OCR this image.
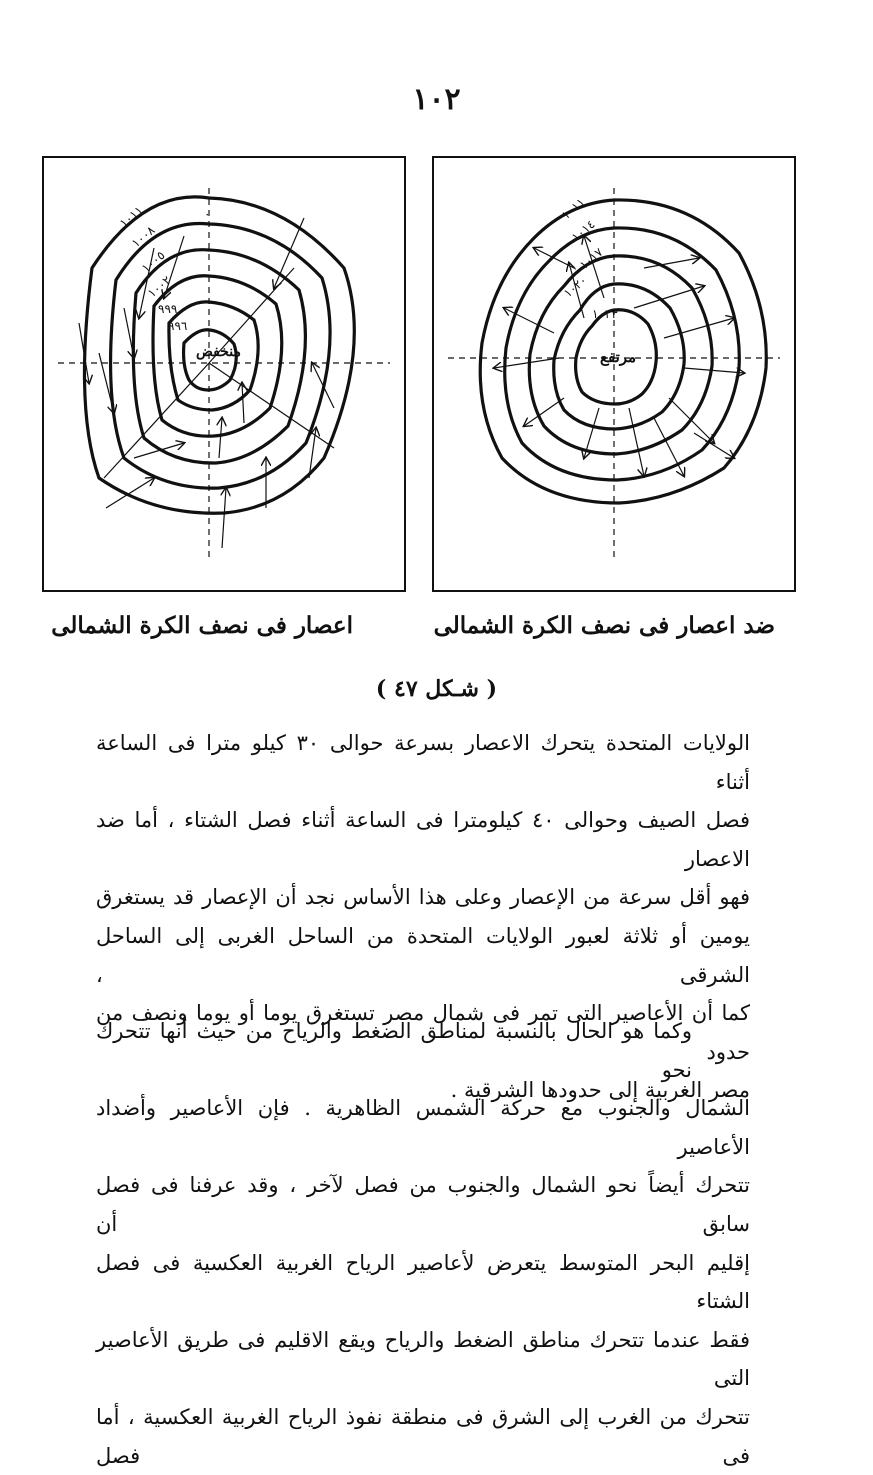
١٠٢
١٠١١
١٠٠٨
١٠٠٥
١٠٠٢
٩٩٩
٩٩٦
٠
منخفض
١٠١١
١٠١٤
١٠١٧
١٠٢٠
١٠٢٣
مرتفع
ضد اعصار فى نصف الكرة الشمالى
اعصار فى نصف الكرة الشمالى
( شـكل ٤٧ )
الولايات المتحدة يتحرك الاعصار بسرعة حوالى ٣٠ كيلو مترا فى الساعة أثناء
فصل الصيف وحوالى ٤٠ كيلومترا فى الساعة أثناء فصل الشتاء ، أما ضد الاعصار
فهو أقل سرعة من الإعصار وعلى هذا الأساس نجد أن الإعصار قد يستغرق
يومين أو ثلاثة لعبور الولايات المتحدة من الساحل الغربى إلى الساحل الشرقى ،
كما أن الأعاصير التى تمر فى شمال مصر تستغرق يوما أو يوما ونصف من حدود
مصر الغربية إلى حدودها الشرقية .
وكما هو الحال بالنسبة لمناطق الضغط والرياح من حيث أنها تتحرك نحو
الشمال والجنوب مع حركة الشمس الظاهرية . فإن الأعاصير وأضداد الأعاصير
تتحرك أيضاً نحو الشمال والجنوب من فصل لآخر ، وقد عرفنا فى فصل سابق أن
إقليم البحر المتوسط يتعرض لأعاصير الرياح الغربية العكسية فى فصل الشتاء
فقط عندما تتحرك مناطق الضغط والرياح ويقع الاقليم فى طريق الأعاصير التى
تتحرك من الغرب إلى الشرق فى منطقة نفوذ الرياح الغربية العكسية ، أما فى فصل
